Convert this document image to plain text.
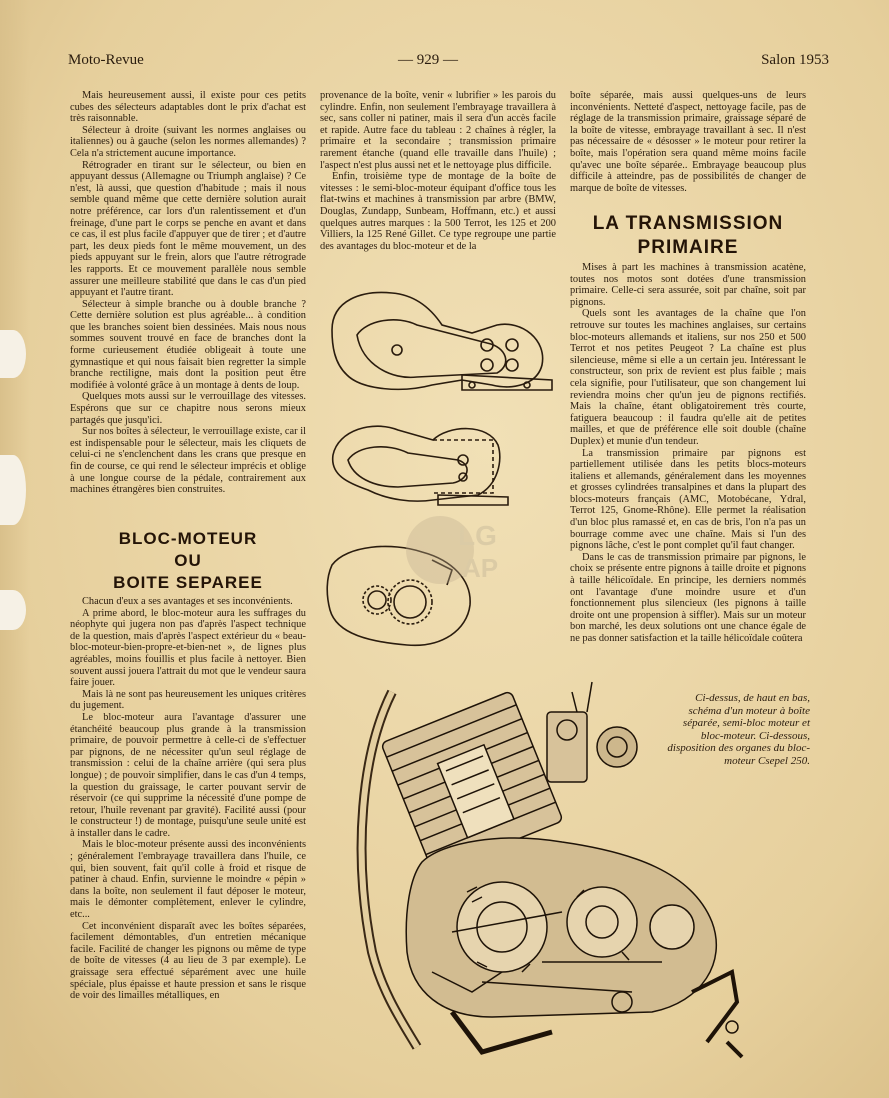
Moto-Revue	— 929 —	Salon 1953

Mais heureusement aussi, il existe pour ces petits cubes des sélecteurs adaptables dont le prix d'achat est très raisonnable.

Sélecteur à droite (suivant les normes anglaises ou italiennes) ou à gauche (selon les normes allemandes) ? Cela n'a strictement aucune importance.

Rétrograder en tirant sur le sélecteur, ou bien en appuyant dessus (Allemagne ou Triumph anglaise) ? Ce n'est, là aussi, que question d'habitude ; mais il nous semble quand même que cette dernière solution aurait notre préférence, car lors d'un ralentissement et d'un freinage, d'une part le corps se penche en avant et dans ce cas, il est plus facile d'appuyer que de tirer ; et d'autre part, les deux pieds font le même mouvement, un des pieds appuyant sur le frein, alors que l'autre rétrograde les rapports. Et ce mouvement parallèle nous semble assurer une meilleure stabilité que dans le cas d'un pied appuyant et l'autre tirant.

Sélecteur à simple branche ou à double branche ? Cette dernière solution est plus agréable... à condition que les branches soient bien dessinées. Mais nous nous sommes souvent trouvé en face de branches dont la forme curieusement étudiée obligeait à toute une gymnastique et qui nous faisait bien regretter la simple branche rectiligne, mais dont la position peut être modifiée à volonté grâce à un montage à dents de loup.

Quelques mots aussi sur le verrouillage des vitesses. Espérons que sur ce chapitre nous serons mieux partagés que jusqu'ici.

Sur nos boîtes à sélecteur, le verrouillage existe, car il est indispensable pour le sélecteur, mais les cliquets de celui-ci ne s'enclenchent dans les crans que presque en fin de course, ce qui rend le sélecteur imprécis et oblige à une longue course de la pédale, contrairement aux machines étrangères bien construites.

BLOC-MOTEUR
OU
BOITE SEPAREE

Chacun d'eux a ses avantages et ses inconvénients.

A prime abord, le bloc-moteur aura les suffrages du néophyte qui jugera non pas d'après l'aspect technique de la question, mais d'après l'aspect extérieur du « beau-bloc-moteur-bien-propre-et-bien-net », de lignes plus agréables, moins fouillis et plus facile à nettoyer. Bien souvent aussi jouera l'attrait du mot que le vendeur saura faire jouer.

Mais là ne sont pas heureusement les uniques critères du jugement.

Le bloc-moteur aura l'avantage d'assurer une étanchéité beaucoup plus grande à la transmission primaire, de pouvoir permettre à celle-ci de s'effectuer par pignons, de ne nécessiter qu'un seul réglage de transmission : celui de la chaîne arrière (qui sera plus longue) ; de pouvoir simplifier, dans le cas d'un 4 temps, la question du graissage, le carter pouvant servir de réservoir (ce qui supprime la nécessité d'une pompe de retour, l'huile revenant par gravité). Facilité aussi (pour le constructeur !) de montage, puisqu'une seule unité est à installer dans le cadre.

Mais le bloc-moteur présente aussi des inconvénients ; généralement l'embrayage travaillera dans l'huile, ce qui, bien souvent, fait qu'il colle à froid et risque de patiner à chaud. Enfin, survienne le moindre « pépin » dans la boîte, non seulement il faut déposer le moteur, mais le démonter complètement, enlever le cylindre, etc...

Cet inconvénient disparaît avec les boîtes séparées, facilement démontables, d'un entretien mécanique facile. Facilité de changer les pignons ou même de type de boîte de vitesses (4 au lieu de 3 par exemple). Le graissage sera effectué séparément avec une huile spéciale, plus épaisse et haute pression et sans le risque de voir des limailles métalliques, en

provenance de la boîte, venir « lubrifier » les parois du cylindre. Enfin, non seulement l'embrayage travaillera à sec, sans coller ni patiner, mais il sera d'un accès facile et rapide. Autre face du tableau : 2 chaînes à régler, la primaire et la secondaire ; transmission primaire rarement étanche (quand elle travaille dans l'huile) ; l'aspect n'est plus aussi net et le nettoyage plus difficile.

Enfin, troisième type de montage de la boîte de vitesses : le semi-bloc-moteur équipant d'office tous les flat-twins et machines à transmission par arbre (BMW, Douglas, Zundapp, Sunbeam, Hoffmann, etc.) et aussi quelques autres marques : la 500 Terrot, les 125 et 200 Villiers, la 125 René Gillet. Ce type regroupe une partie des avantages du bloc-moteur et de la

boîte séparée, mais aussi quelques-uns de leurs inconvénients. Netteté d'aspect, nettoyage facile, pas de réglage de la transmission primaire, graissage séparé de la boîte de vitesse, embrayage travaillant à sec. Il n'est pas nécessaire de « désosser » le moteur pour retirer la boîte, mais l'opération sera quand même moins facile qu'avec une boîte séparée.. Embrayage beaucoup plus difficile à atteindre, pas de possibilités de changer de marque de boîte de vitesses.

LA TRANSMISSION
PRIMAIRE

Mises à part les machines à transmission acatène, toutes nos motos sont dotées d'une transmission primaire. Celle-ci sera assurée, soit par chaîne, soit par pignons.

Quels sont les avantages de la chaîne que l'on retrouve sur toutes les machines anglaises, sur certains bloc-moteurs allemands et italiens, sur nos 250 et 500 Terrot et nos petites Peugeot ? La chaîne est plus silencieuse, même si elle a un certain jeu. Intéressant le constructeur, son prix de revient est plus faible ; mais cela signifie, pour l'utilisateur, que son changement lui reviendra moins cher qu'un jeu de pignons rectifiés. Mais la chaîne, étant obligatoirement très courte, fatiguera beaucoup : il faudra qu'elle ait de petites mailles, et que de préférence elle soit double (chaîne Duplex) et munie d'un tendeur.

La transmission primaire par pignons est partiellement utilisée dans les petits blocs-moteurs italiens et allemands, généralement dans les moyennes et grosses cylindrées transalpines et dans la plupart des blocs-moteurs français (AMC, Motobécane, Ydral, Terrot 125, Gnome-Rhône). Elle permet la réalisation d'un bloc plus ramassé et, en cas de bris, l'on n'a pas un bourrage comme avec une chaîne. Mais si l'un des pignons lâche, c'est le pont complet qu'il faut changer.

Dans le cas de transmission primaire par pignons, le choix se présente entre pignons à taille droite et pignons à taille hélicoïdale. En principe, les derniers nommés ont l'avantage d'une moindre usure et d'un fonctionnement plus silencieux (les pignons à taille droite ont une propension à siffler). Mais sur un moteur bon marché, les deux solutions ont une chance égale de ne pas donner satisfaction et la taille hélicoïdale coûtera

LG
AP
Ci-dessus, de haut en bas, schéma d'un moteur à boîte séparée, semi-bloc moteur et bloc-moteur. Ci-dessous, disposition des organes du bloc-moteur Csepel 250.
